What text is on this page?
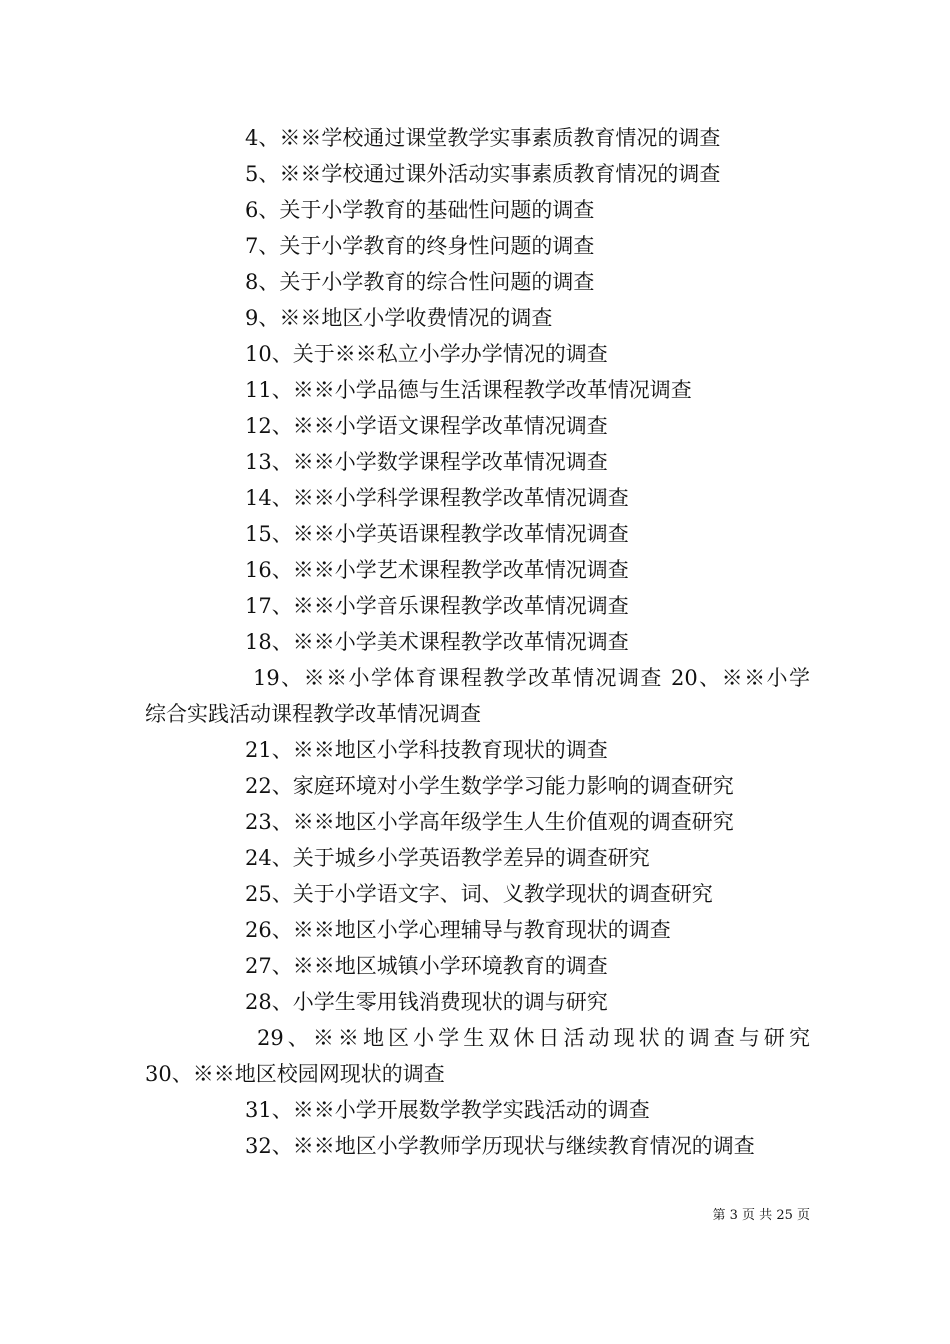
4、※※学校通过课堂教学实事素质教育情况的调查
5、※※学校通过课外活动实事素质教育情况的调查
6、关于小学教育的基础性问题的调查
7、关于小学教育的终身性问题的调查
8、关于小学教育的综合性问题的调查
9、※※地区小学收费情况的调查
10、关于※※私立小学办学情况的调查
11、※※小学品德与生活课程教学改革情况调查
12、※※小学语文课程学改革情况调查
13、※※小学数学课程学改革情况调查
14、※※小学科学课程教学改革情况调查
15、※※小学英语课程教学改革情况调查
16、※※小学艺术课程教学改革情况调查
17、※※小学音乐课程教学改革情况调查
18、※※小学美术课程教学改革情况调查
19、※※小学体育课程教学改革情况调查 20、※※小学
综合实践活动课程教学改革情况调查
21、※※地区小学科技教育现状的调查
22、家庭环境对小学生数学学习能力影响的调查研究
23、※※地区小学高年级学生人生价值观的调查研究
24、关于城乡小学英语教学差异的调查研究
25、关于小学语文字、词、义教学现状的调查研究
26、※※地区小学心理辅导与教育现状的调查
27、※※地区城镇小学环境教育的调查
28、小学生零用钱消费现状的调与研究
29、※※地区小学生双休日活动现状的调查与研究
30、※※地区校园网现状的调查
31、※※小学开展数学教学实践活动的调查
32、※※地区小学教师学历现状与继续教育情况的调查
第 3 页 共 25 页
